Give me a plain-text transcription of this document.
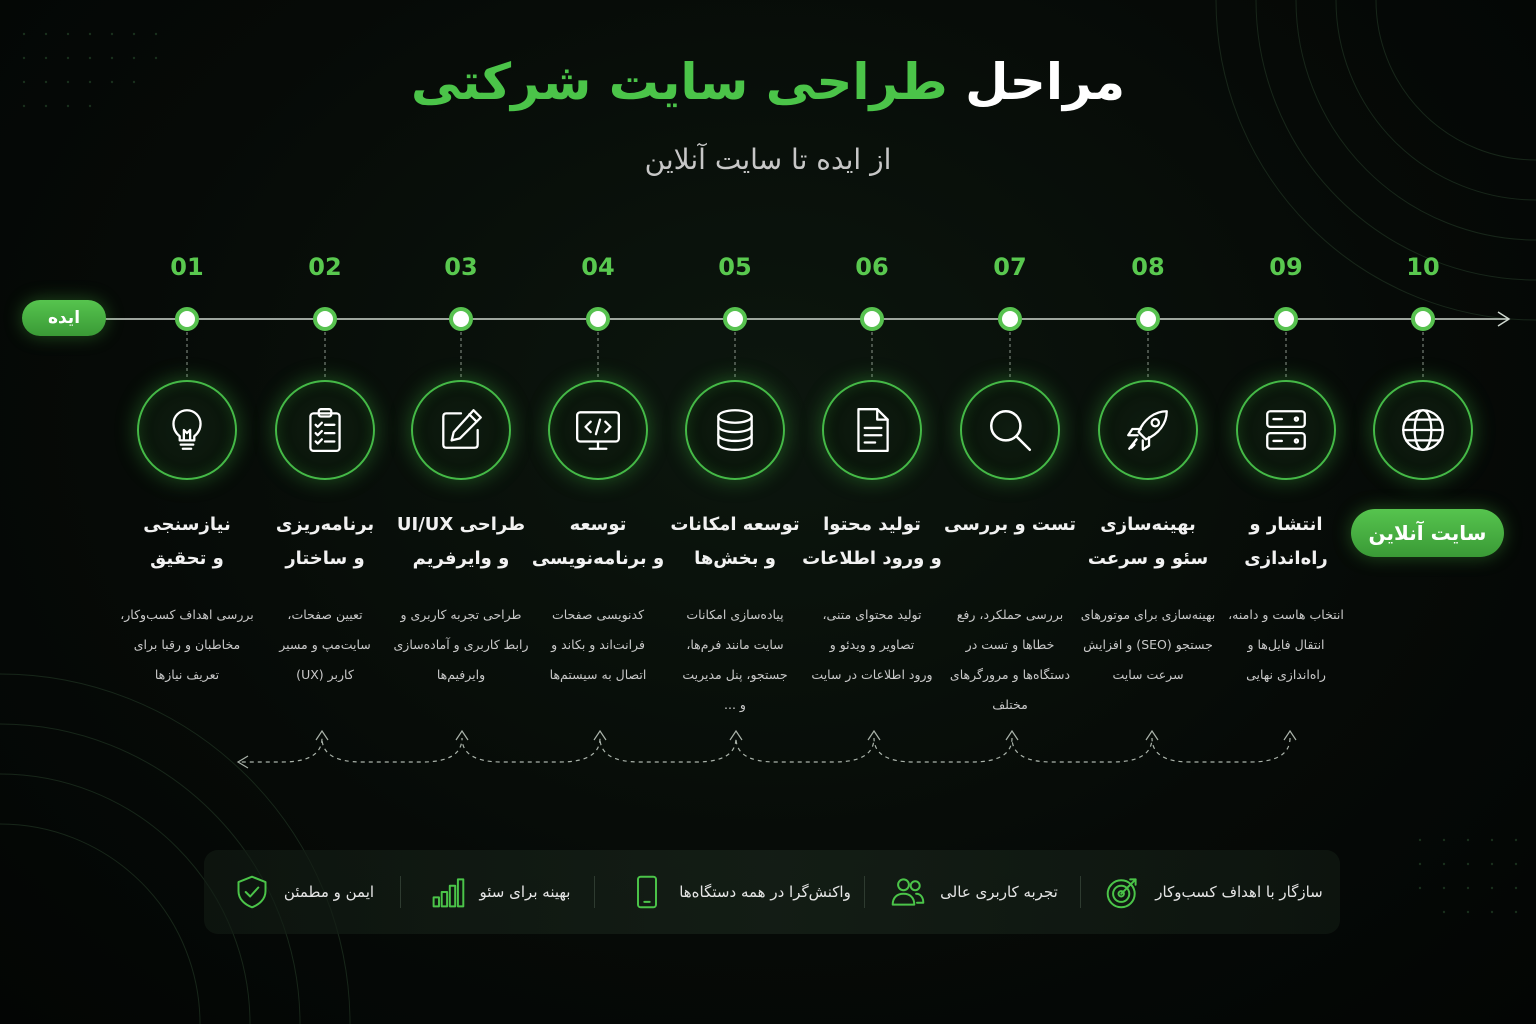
مراحل طراحی سایت شرکتی
از ایده تا سایت آنلاین
ایده
سایت آنلاین
01	02	03	04	05	06	07	08	09	10
نیازسنجی
و تحقیق
برنامه‌ریزی
و ساختار
طراحی UI/UX
و وایرفریم
توسعه
و برنامه‌نویسی
توسعه امکانات
و بخش‌ها
تولید محتوا
و ورود اطلاعات
تست و بررسی	بهینه‌سازی
سئو و سرعت
انتشار و
راه‌اندازی
بررسی اهداف کسب‌وکار،
مخاطبان و رقبا برای
تعریف نیازها
تعیین صفحات،
سایت‌مپ و مسیر
کاربر (UX)
طراحی تجربه کاربری و
رابط کاربری و آماده‌سازی
وایرفیم‌ها
کدنویسی صفحات
فرانت‌اند و بکاند و
اتصال به سیستم‌ها
پیاده‌سازی امکانات
سایت مانند فرم‌ها،
جستجو، پنل مدیریت
و ...
تولید محتوای متنی،
تصاویر و ویدئو و
ورود اطلاعات در سایت
بررسی حملکرد، رفع
خطاها و تست در
دستگاه‌ها و مرورگرهای
مختلف
بهینه‌سازی برای موتورهای
جستجو (SEO) و افزایش
سرعت سایت
انتخاب هاست و دامنه،
انتقال فایل‌ها و
راه‌اندازی نهایی
سازگار با اهداف کسب‌وکار
تجربه کاربری عالی
واکنش‌گرا در همه دستگاه‌ها
بهینه برای سئو
ایمن و مطمئن
